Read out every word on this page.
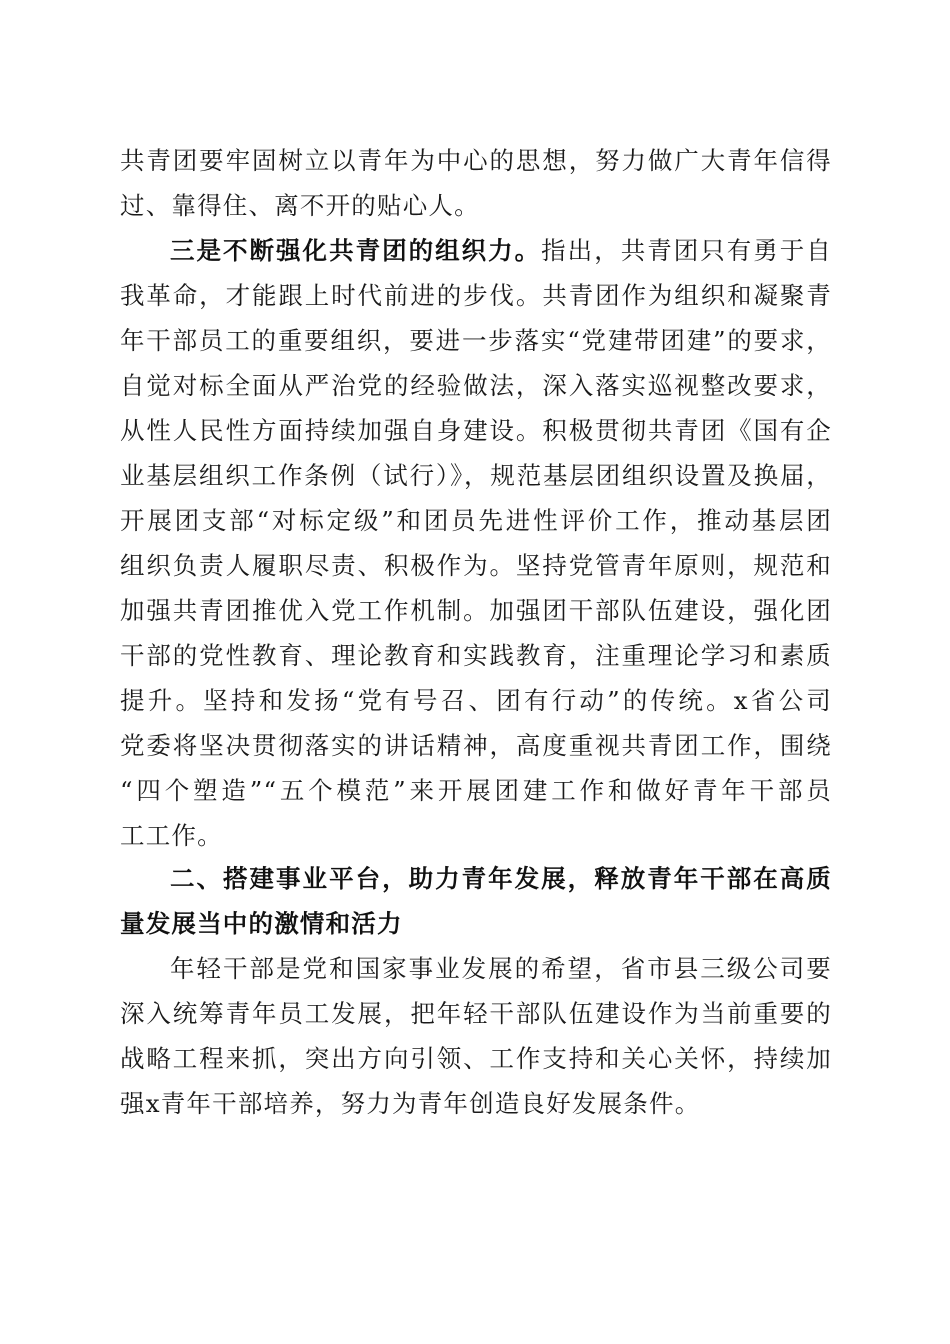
共青团要牢固树立以青年为中心的思想，努力做广大青年信得
过、靠得住、离不开的贴心人。
三是不断强化共青团的组织力。指出，共青团只有勇于自
我革命，才能跟上时代前进的步伐。共青团作为组织和凝聚青
年干部员工的重要组织，要进一步落实“党建带团建”的要求，
自觉对标全面从严治党的经验做法，深入落实巡视整改要求，
从性人民性方面持续加强自身建设。积极贯彻共青团《国有企
业基层组织工作条例（试行）》，规范基层团组织设置及换届，
开展团支部“对标定级”和团员先进性评价工作，推动基层团
组织负责人履职尽责、积极作为。坚持党管青年原则，规范和
加强共青团推优入党工作机制。加强团干部队伍建设，强化团
干部的党性教育、理论教育和实践教育，注重理论学习和素质
提升。坚持和发扬“党有号召、团有行动”的传统。x省公司
党委将坚决贯彻落实的讲话精神，高度重视共青团工作，围绕
“四个塑造”“五个模范”来开展团建工作和做好青年干部员
工工作。
二、搭建事业平台，助力青年发展，释放青年干部在高质
量发展当中的激情和活力
年轻干部是党和国家事业发展的希望，省市县三级公司要
深入统筹青年员工发展，把年轻干部队伍建设作为当前重要的
战略工程来抓，突出方向引领、工作支持和关心关怀，持续加
强x青年干部培养，努力为青年创造良好发展条件。
